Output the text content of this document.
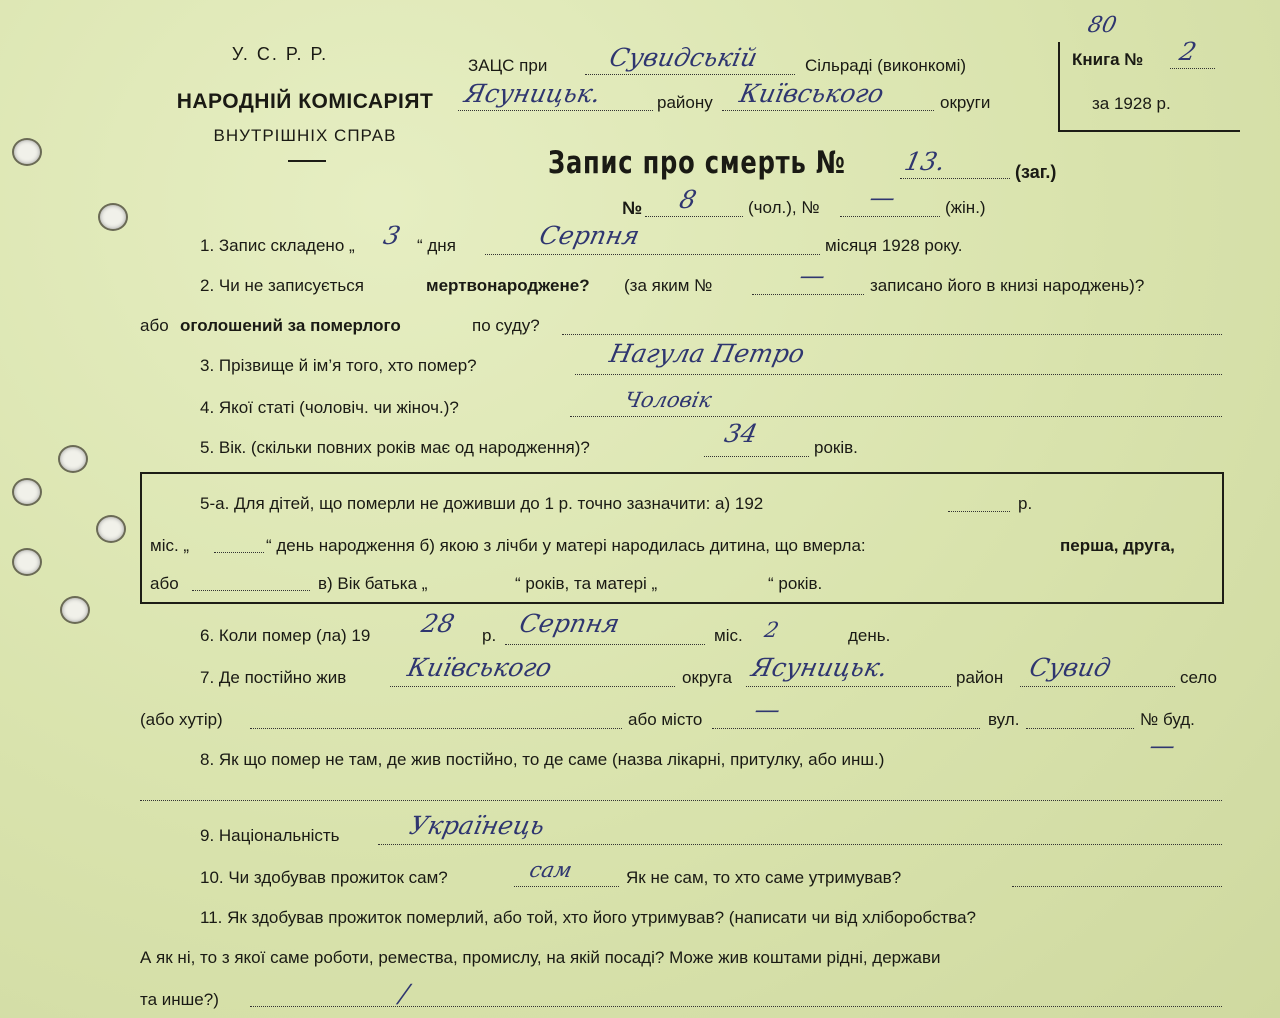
У. С. Р. Р.
НАРОДНІЙ КОМІСАРІЯТ
ВНУТРІШНІХ СПРАВ
ЗАЦС при Сувидській	Сільраді (виконкомі)
Ясуницьк.	району Київського	округи
80
Книга № 2
за 1928 р.
Запис про смерть № 13.	(заг.)
№ 8	(чол.), № —	(жін.)
1. Запис складено „ 3 “ дня	Серпня	місяця 1928 року.
2. Чи не записується	мертвонароджене? (за яким №	— записано його в книзі народжень)?
або оголошений за померлого	по суду?
3. Прізвище й ім’я того, хто помер?	Нагула Петро
4. Якої статі (чоловіч. чи жіноч.)?	Чоловік
5. Вік. (скільки повних років має од народження)?	34	років.
5-а. Для дітей, що померли не доживши до 1 р. точно зазначити: а) 192	р.
міс. „	“ день народження б) якою з лічби у матері народилась дитина, що вмерла:	перша, друга,
або	в) Вік батька „	“ років, та матері „	“ років.
6. Коли помер (ла) 19 28 р. Серпня	міс. 2	день.
7. Де постійно жив Київського	округа Ясуницьк.	район Сувид	село
(або хутір)	або місто —	вул.	№ буд.
8. Як що помер не там, де жив постійно, то де саме (назва лікарні, притулку, або инш.)	—
9. Національність	Українець
10. Чи здобував прожиток сам?	сам	Як не сам, то хто саме утримував?
11. Як здобував прожиток померлий, або той, хто його утримував? (написати чи від хліборобства?
А як ні, то з якої саме роботи, ремества, промислу, на якій посаді? Може жив коштами рідні, держави
та инше?)	/
